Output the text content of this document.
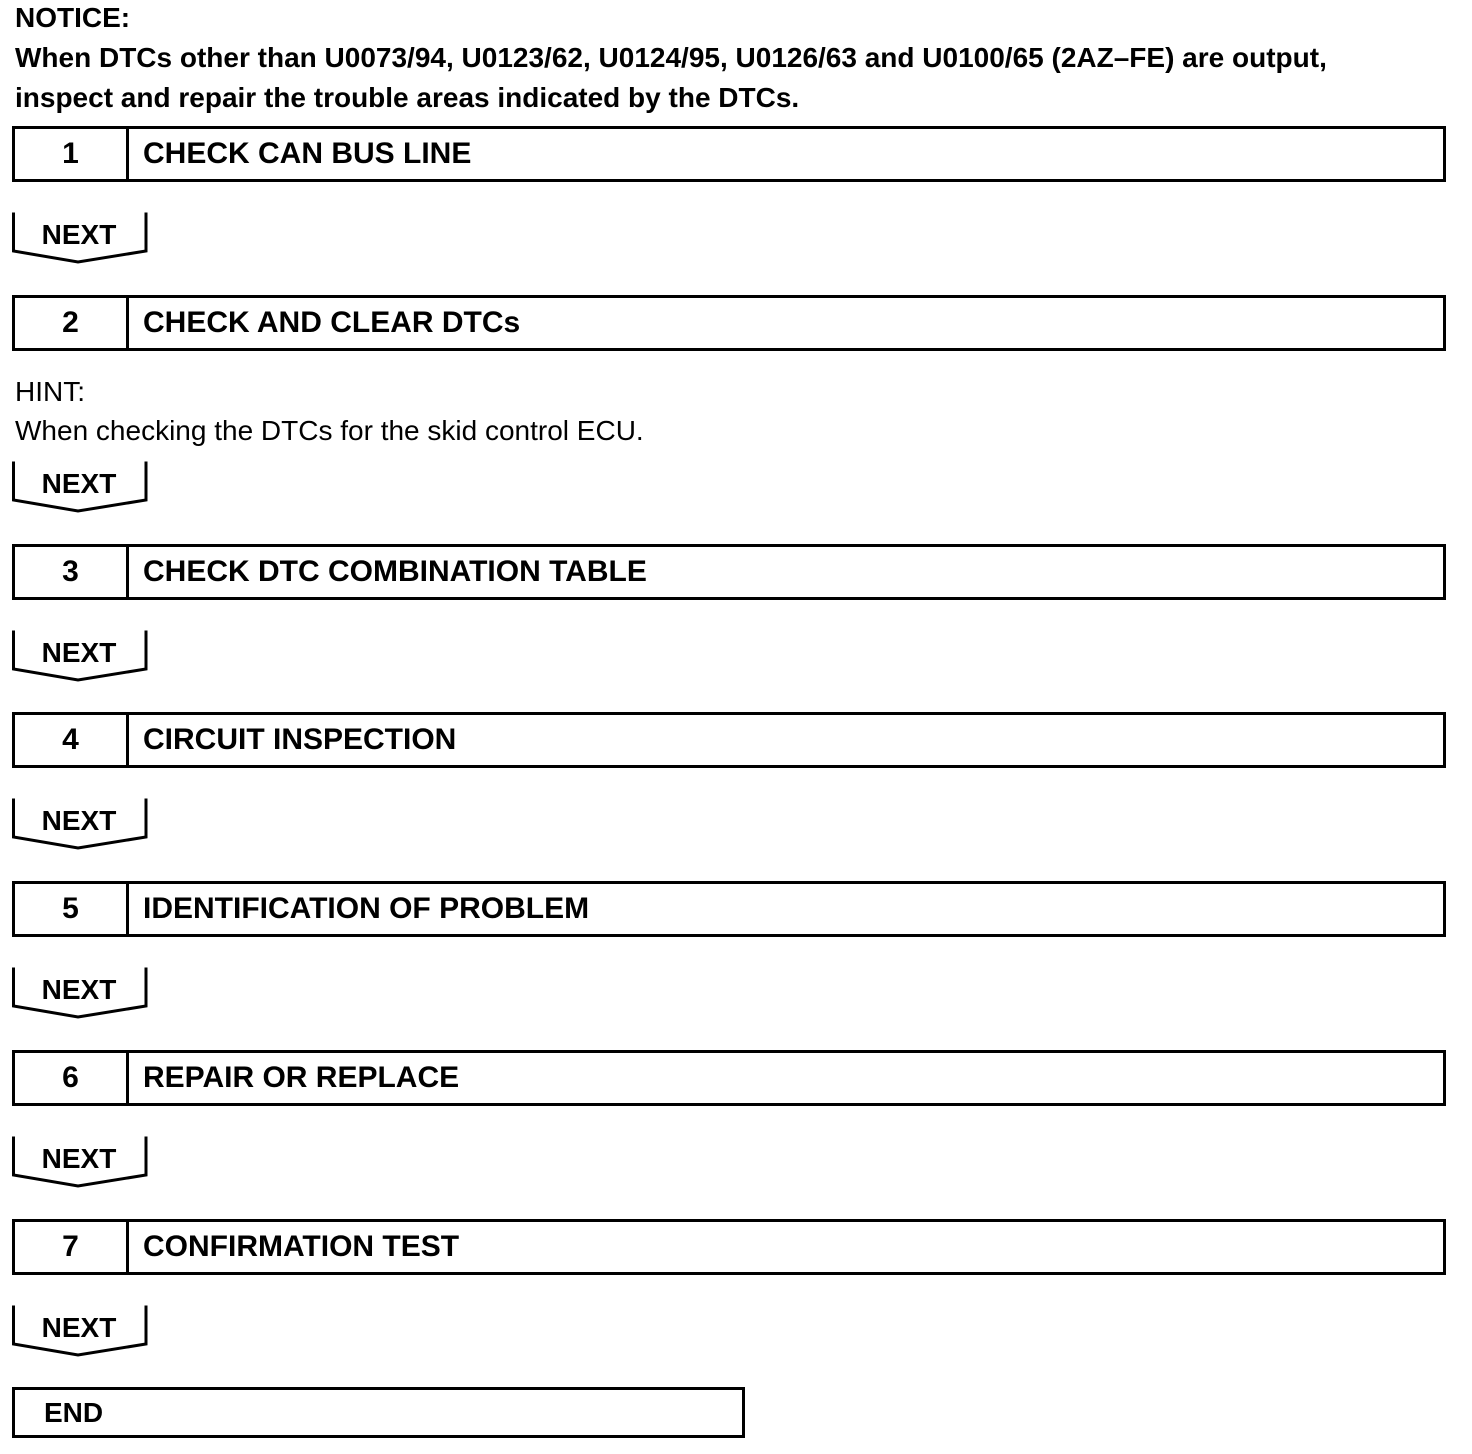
NOTICE:
When DTCs other than U0073/94, U0123/62, U0124/95, U0126/63 and U0100/65 (2AZ–FE) are output,
inspect and repair the trouble areas indicated by the DTCs.
1	CHECK CAN BUS LINE
NEXT
2	CHECK AND CLEAR DTCs
HINT:
When checking the DTCs for the skid control ECU.
NEXT
3	CHECK DTC COMBINATION TABLE
NEXT
4	CIRCUIT INSPECTION
NEXT
5	IDENTIFICATION OF PROBLEM
NEXT
6	REPAIR OR REPLACE
NEXT
7	CONFIRMATION TEST
NEXT
END
